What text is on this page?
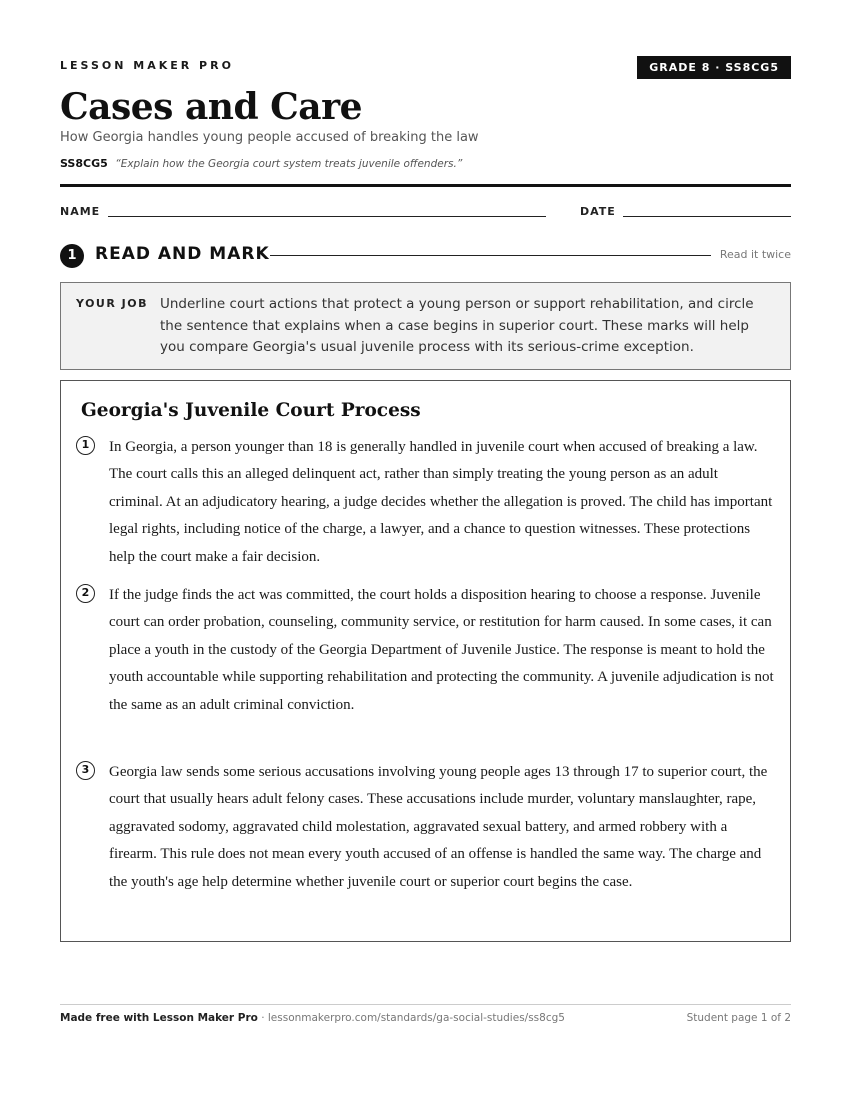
LESSON MAKER PRO	GRADE 8 · SS8CG5
Cases and Care
How Georgia handles young people accused of breaking the law
SS8CG5 “Explain how the Georgia court system treats juvenile offenders.”
NAME	DATE
1	READ AND MARK	Read it twice
YOUR JOB Underline court actions that protect a young person or support rehabilitation, and circle the sentence that explains when a case begins in superior court. These marks will help you compare Georgia's usual juvenile process with its serious-crime exception.
Georgia's Juvenile Court Process
1	In Georgia, a person younger than 18 is generally handled in juvenile court when accused of breaking a law. The court calls this an alleged delinquent act, rather than simply treating the young person as an adult criminal. At an adjudicatory hearing, a judge decides whether the allegation is proved. The child has important legal rights, including notice of the charge, a lawyer, and a chance to question witnesses. These protections help the court make a fair decision.

2	If the judge finds the act was committed, the court holds a disposition hearing to choose a response. Juvenile court can order probation, counseling, community service, or restitution for harm caused. In some cases, it can place a youth in the custody of the Georgia Department of Juvenile Justice. The response is meant to hold the youth accountable while supporting rehabilitation and protecting the community. A juvenile adjudication is not the same as an adult criminal conviction.

3	Georgia law sends some serious accusations involving young people ages 13 through 17 to superior court, the court that usually hears adult felony cases. These accusations include murder, voluntary manslaughter, rape, aggravated sodomy, aggravated child molestation, aggravated sexual battery, and armed robbery with a firearm. This rule does not mean every youth accused of an offense is handled the same way. The charge and the youth's age help determine whether juvenile court or superior court begins the case.

Made free with Lesson Maker Pro · lessonmakerpro.com/standards/ga-social-studies/ss8cg5	Student page 1 of 2
